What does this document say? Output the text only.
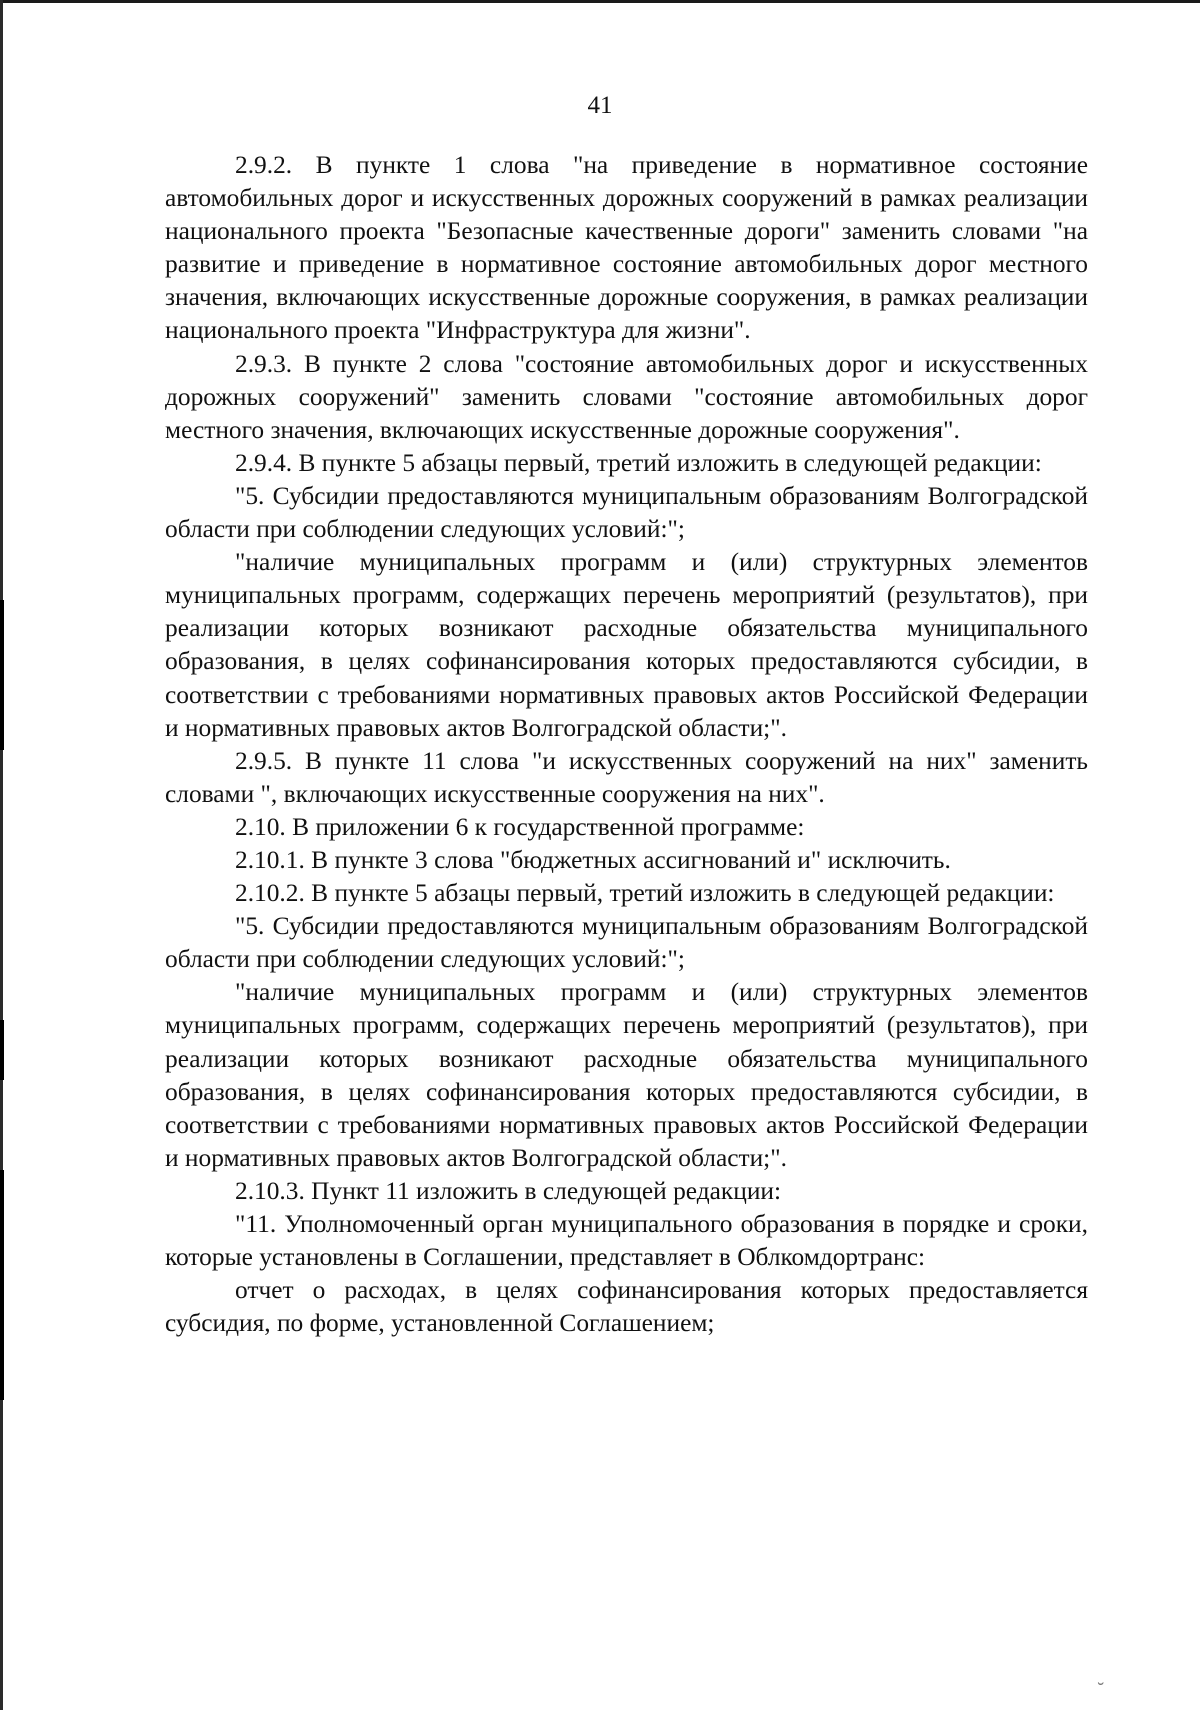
41

2.9.2. В пункте 1 слова "на приведение в нормативное состояние автомобильных дорог и искусственных дорожных сооружений в рамках реализации национального проекта "Безопасные качественные дороги" заменить словами "на развитие и приведение в нормативное состояние автомобильных дорог местного значения, включающих искусственные дорожные сооружения, в рамках реализации национального проекта "Инфраструктура для жизни".

2.9.3. В пункте 2 слова "состояние автомобильных дорог и искусственных дорожных сооружений" заменить словами "состояние автомобильных дорог местного значения, включающих искусственные дорожные сооружения".

2.9.4. В пункте 5 абзацы первый, третий изложить в следующей редакции:

"5. Субсидии предоставляются муниципальным образованиям Волгоградской области при соблюдении следующих условий:";

"наличие муниципальных программ и (или) структурных элементов муниципальных программ, содержащих перечень мероприятий (результатов), при реализации которых возникают расходные обязательства муниципального образования, в целях софинансирования которых предоставляются субсидии, в соответствии с требованиями нормативных правовых актов Российской Федерации и нормативных правовых актов Волгоградской области;".

2.9.5. В пункте 11 слова "и искусственных сооружений на них" заменить словами ", включающих искусственные сооружения на них".

2.10. В приложении 6 к государственной программе:

2.10.1. В пункте 3 слова "бюджетных ассигнований и" исключить.

2.10.2. В пункте 5 абзацы первый, третий изложить в следующей редакции:

"5. Субсидии предоставляются муниципальным образованиям Волгоградской области при соблюдении следующих условий:";

"наличие муниципальных программ и (или) структурных элементов муниципальных программ, содержащих перечень мероприятий (результатов), при реализации которых возникают расходные обязательства муниципального образования, в целях софинансирования которых предоставляются субсидии, в соответствии с требованиями нормативных правовых актов Российской Федерации и нормативных правовых актов Волгоградской области;".

2.10.3. Пункт 11 изложить в следующей редакции:

"11. Уполномоченный орган муниципального образования в порядке и сроки, которые установлены в Соглашении, представляет в Облкомдортранс:

отчет о расходах, в целях софинансирования которых предоставляется субсидия, по форме, установленной Соглашением;

˘
